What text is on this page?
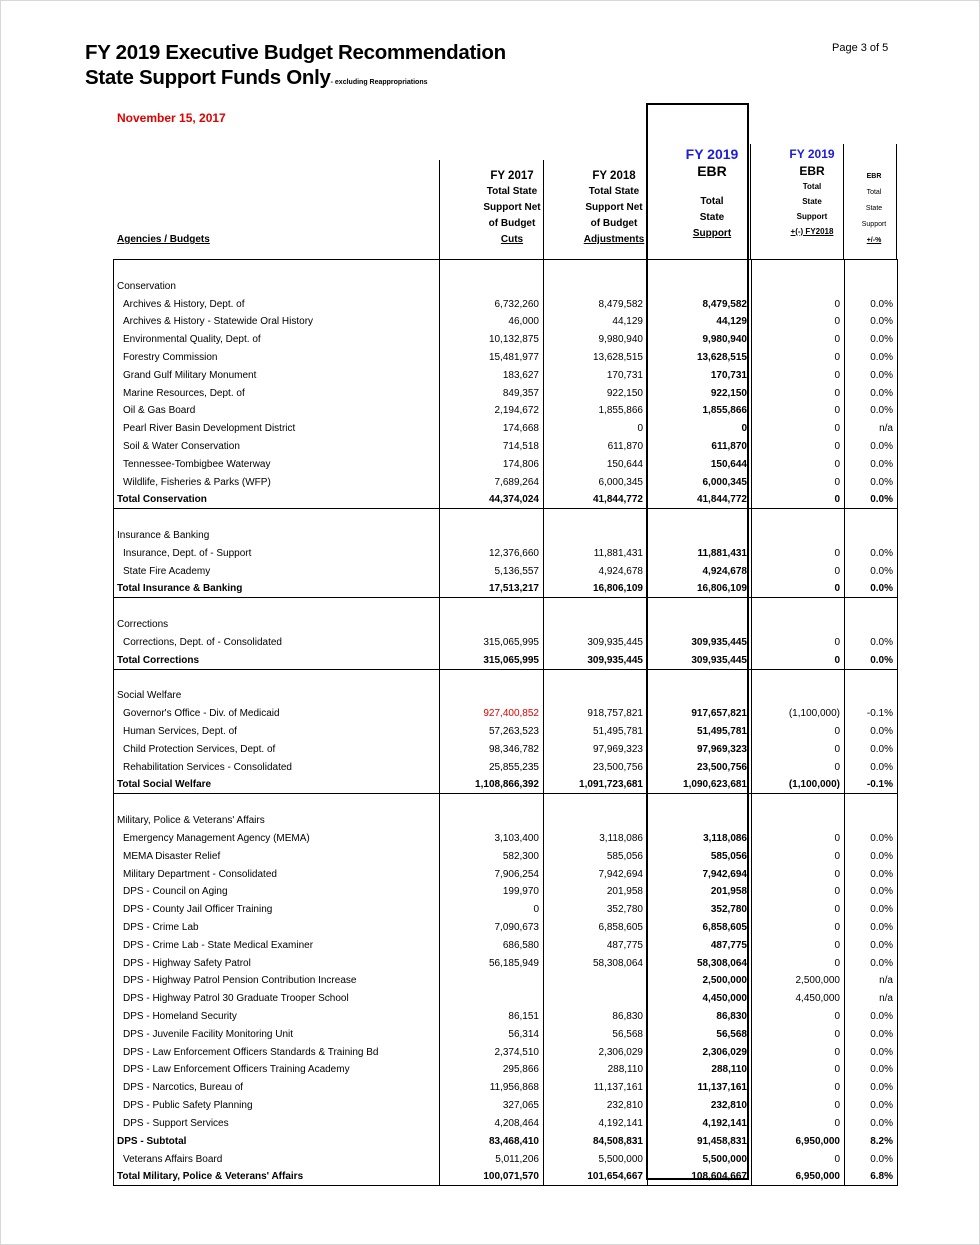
FY 2019 Executive Budget Recommendation
State Support Funds Only- excluding Reappropriations
Page 3 of 5
November 15, 2017
FY 2017
Total State
Support Net
of Budget
Cuts
FY 2018
Total State
Support Net
of Budget
Adjustments
FY 2019
EBR
Total
State
Support
FY 2019
EBR
Total
State
Support
+(-) FY2018
EBR
Total
State
Support
+/-%
Agencies / Budgets

Conservation					
Archives & History, Dept. of	6,732,260	8,479,582	8,479,582	0	0.0%
Archives & History - Statewide Oral History	46,000	44,129	44,129	0	0.0%
Environmental Quality, Dept. of	10,132,875	9,980,940	9,980,940	0	0.0%
Forestry Commission	15,481,977	13,628,515	13,628,515	0	0.0%
Grand Gulf Military Monument	183,627	170,731	170,731	0	0.0%
Marine Resources, Dept. of	849,357	922,150	922,150	0	0.0%
Oil & Gas Board	2,194,672	1,855,866	1,855,866	0	0.0%
Pearl River Basin Development District	174,668	0	0	0	n/a
Soil & Water Conservation	714,518	611,870	611,870	0	0.0%
Tennessee-Tombigbee Waterway	174,806	150,644	150,644	0	0.0%
Wildlife, Fisheries & Parks (WFP)	7,689,264	6,000,345	6,000,345	0	0.0%
Total Conservation	44,374,024	41,844,772	41,844,772	0	0.0%

Insurance & Banking					
Insurance, Dept. of - Support	12,376,660	11,881,431	11,881,431	0	0.0%
State Fire Academy	5,136,557	4,924,678	4,924,678	0	0.0%
Total Insurance & Banking	17,513,217	16,806,109	16,806,109	0	0.0%

Corrections					
Corrections, Dept. of - Consolidated	315,065,995	309,935,445	309,935,445	0	0.0%
Total Corrections	315,065,995	309,935,445	309,935,445	0	0.0%

Social Welfare					
Governor's Office - Div. of Medicaid	927,400,852	918,757,821	917,657,821	(1,100,000)	-0.1%
Human Services, Dept. of	57,263,523	51,495,781	51,495,781	0	0.0%
Child Protection Services, Dept. of	98,346,782	97,969,323	97,969,323	0	0.0%
Rehabilitation Services - Consolidated	25,855,235	23,500,756	23,500,756	0	0.0%
Total Social Welfare	1,108,866,392	1,091,723,681	1,090,623,681	(1,100,000)	-0.1%

Military, Police & Veterans' Affairs					
Emergency Management Agency (MEMA)	3,103,400	3,118,086	3,118,086	0	0.0%
MEMA Disaster Relief	582,300	585,056	585,056	0	0.0%
Military Department - Consolidated	7,906,254	7,942,694	7,942,694	0	0.0%
DPS - Council on Aging	199,970	201,958	201,958	0	0.0%
DPS - County Jail Officer Training	0	352,780	352,780	0	0.0%
DPS - Crime Lab	7,090,673	6,858,605	6,858,605	0	0.0%
DPS - Crime Lab - State Medical Examiner	686,580	487,775	487,775	0	0.0%
DPS - Highway Safety Patrol	56,185,949	58,308,064	58,308,064	0	0.0%
DPS - Highway Patrol Pension Contribution Increase			2,500,000	2,500,000	n/a
DPS - Highway Patrol 30 Graduate Trooper School			4,450,000	4,450,000	n/a
DPS - Homeland Security	86,151	86,830	86,830	0	0.0%
DPS - Juvenile Facility Monitoring Unit	56,314	56,568	56,568	0	0.0%
DPS - Law Enforcement Officers Standards & Training Bd	2,374,510	2,306,029	2,306,029	0	0.0%
DPS - Law Enforcement Officers Training Academy	295,866	288,110	288,110	0	0.0%
DPS - Narcotics, Bureau of	11,956,868	11,137,161	11,137,161	0	0.0%
DPS - Public Safety Planning	327,065	232,810	232,810	0	0.0%
DPS - Support Services	4,208,464	4,192,141	4,192,141	0	0.0%
DPS - Subtotal	83,468,410	84,508,831	91,458,831	6,950,000	8.2%
Veterans Affairs Board	5,011,206	5,500,000	5,500,000	0	0.0%
Total Military, Police & Veterans' Affairs	100,071,570	101,654,667	108,604,667	6,950,000	6.8%
